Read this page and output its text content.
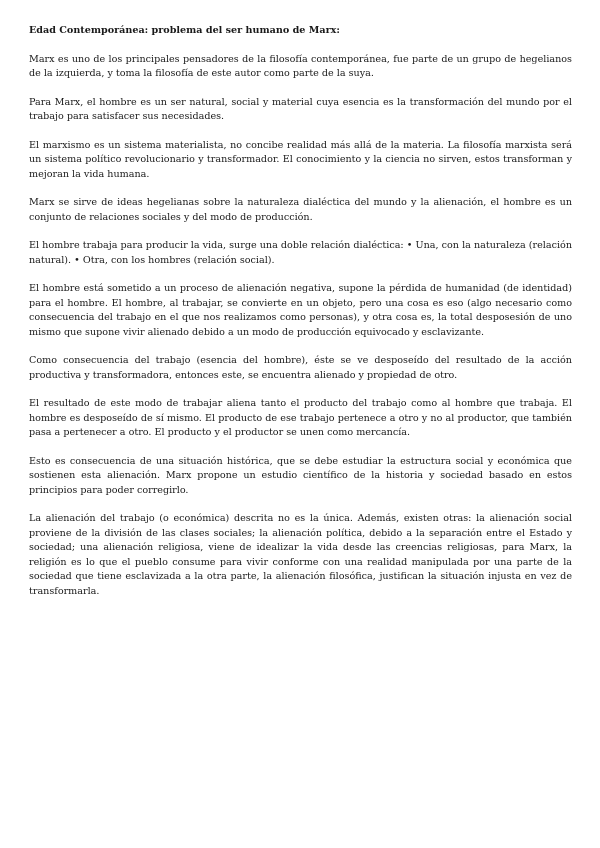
Edad Contemporánea: problema del ser humano de Marx:

Marx es uno de los principales pensadores de la filosofía contemporánea, fue parte de un grupo de hegelianos de la izquierda, y toma la filosofía de este autor como parte de la suya.

Para Marx, el hombre es un ser natural, social y material cuya esencia es la transformación del mundo por el trabajo para satisfacer sus necesidades.

El marxismo es un sistema materialista, no concibe realidad más allá de la materia. La filosofía marxista será un sistema político revolucionario y transformador. El conocimiento y la ciencia no sirven, estos transforman y mejoran la vida humana.

Marx se sirve de ideas hegelianas sobre la naturaleza dialéctica del mundo y la alienación, el hombre es un conjunto de relaciones sociales y del modo de producción.

El hombre trabaja para producir la vida, surge una doble relación dialéctica: • Una, con la naturaleza (relación natural). • Otra, con los hombres (relación social).

El hombre está sometido a un proceso de alienación negativa, supone la pérdida de humanidad (de identidad) para el hombre. El hombre, al trabajar, se convierte en un objeto, pero una cosa es eso (algo necesario como consecuencia del trabajo en el que nos realizamos como personas), y otra cosa es, la total desposesión de uno mismo que supone vivir alienado debido a un modo de producción equivocado y esclavizante.

Como consecuencia del trabajo (esencia del hombre), éste se ve desposeído del resultado de la acción productiva y transformadora, entonces este, se encuentra alienado y propiedad de otro.

El resultado de este modo de trabajar aliena tanto el producto del trabajo como al hombre que trabaja. El hombre es desposeído de sí mismo. El producto de ese trabajo pertenece a otro y no al productor, que también pasa a pertenecer a otro. El producto y el productor se unen como mercancía.

Esto es consecuencia de una situación histórica, que se debe estudiar la estructura social y económica que sostienen esta alienación. Marx propone un estudio científico de la historia y sociedad basado en estos principios para poder corregirlo.

La alienación del trabajo (o económica) descrita no es la única. Además, existen otras: la alienación social proviene de la división de las clases sociales; la alienación política, debido a la separación entre el Estado y sociedad; una alienación religiosa, viene de idealizar la vida desde las creencias religiosas, para Marx, la religión es lo que el pueblo consume para vivir conforme con una realidad manipulada por una parte de la sociedad que tiene esclavizada a la otra parte, la alienación filosófica, justifican la situación injusta en vez de transformarla.
